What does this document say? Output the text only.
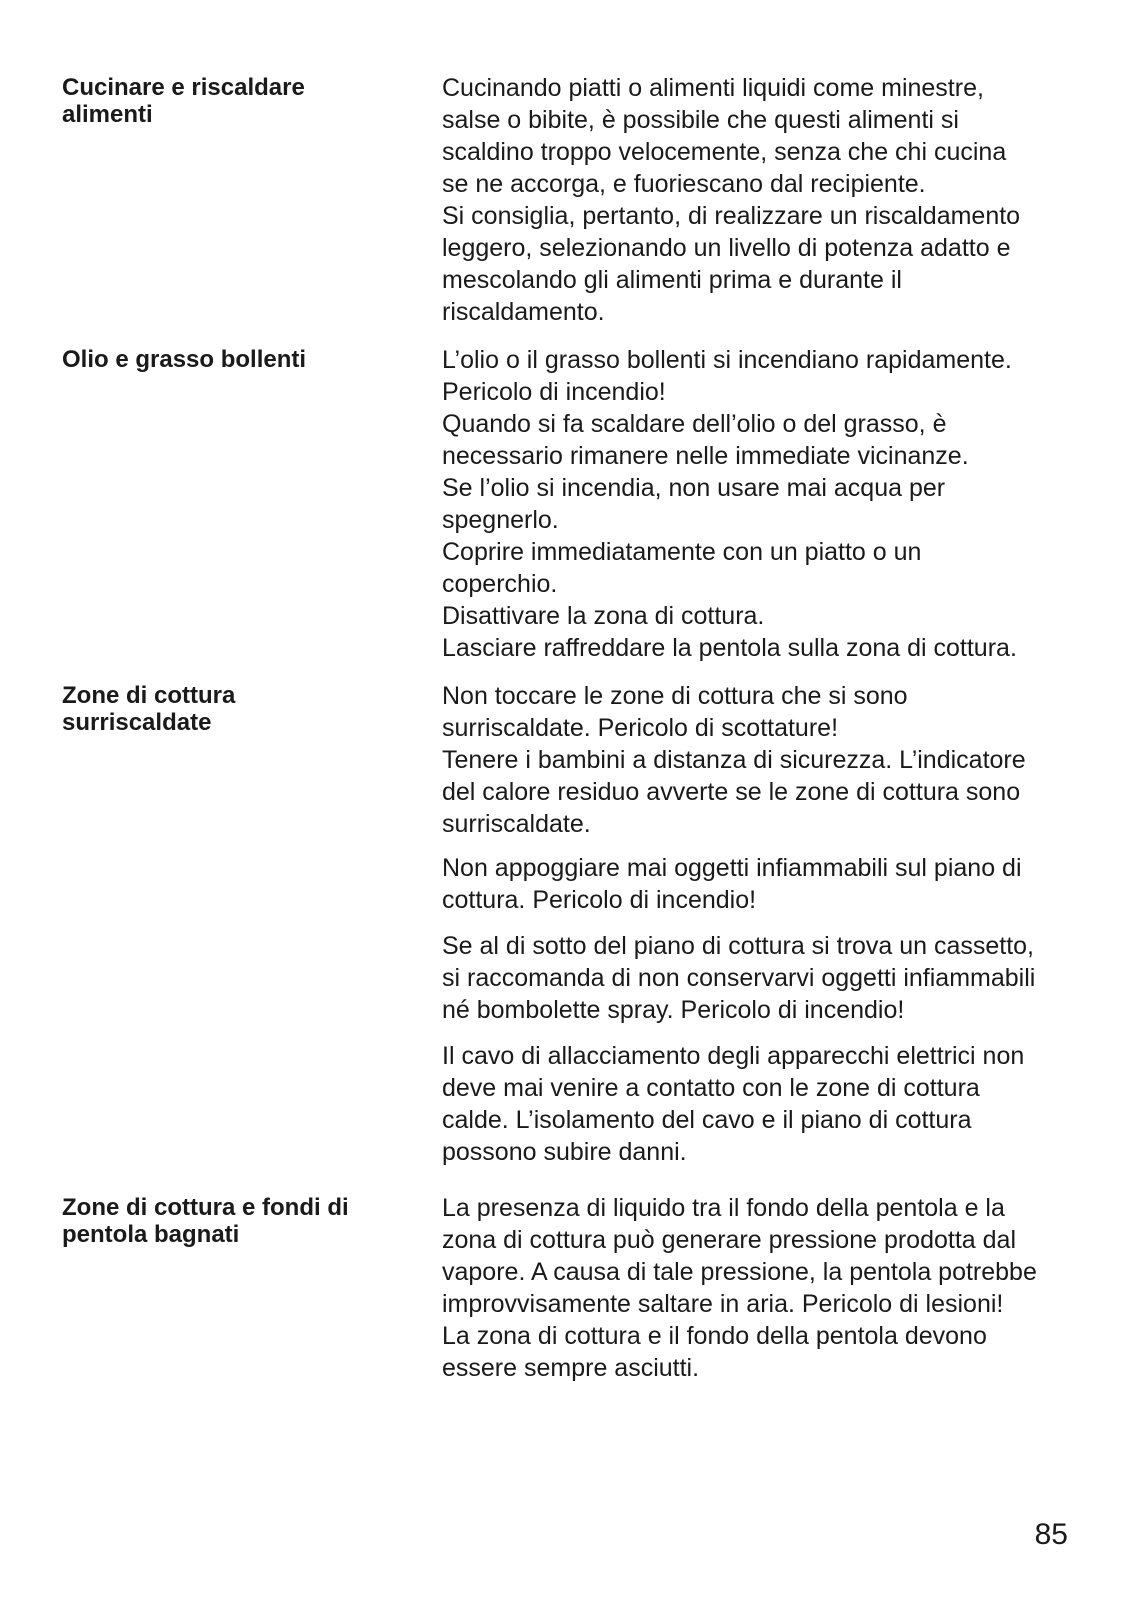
Cucinare e riscaldare
alimenti

Cucinando piatti o alimenti liquidi come minestre,
salse o bibite, è possibile che questi alimenti si
scaldino troppo velocemente, senza che chi cucina
se ne accorga, e fuoriescano dal recipiente.
Si consiglia, pertanto, di realizzare un riscaldamento
leggero, selezionando un livello di potenza adatto e
mescolando gli alimenti prima e durante il
riscaldamento.

Olio e grasso bollenti	L’olio o il grasso bollenti si incendiano rapidamente.
Pericolo di incendio!
Quando si fa scaldare dell’olio o del grasso, è
necessario rimanere nelle immediate vicinanze.
Se l’olio si incendia, non usare mai acqua per
spegnerlo.
Coprire immediatamente con un piatto o un
coperchio.
Disattivare la zona di cottura.
Lasciare raffreddare la pentola sulla zona di cottura.

Zone di cottura
surriscaldate

Non toccare le zone di cottura che si sono
surriscaldate. Pericolo di scottature!
Tenere i bambini a distanza di sicurezza. L’indicatore
del calore residuo avverte se le zone di cottura sono
surriscaldate.

Non appoggiare mai oggetti infiammabili sul piano di
cottura. Pericolo di incendio!

Se al di sotto del piano di cottura si trova un cassetto,
si raccomanda di non conservarvi oggetti infiammabili
né bombolette spray. Pericolo di incendio!

Il cavo di allacciamento degli apparecchi elettrici non
deve mai venire a contatto con le zone di cottura
calde. L’isolamento del cavo e il piano di cottura
possono subire danni.

Zone di cottura e fondi di
pentola bagnati

La presenza di liquido tra il fondo della pentola e la
zona di cottura può generare pressione prodotta dal
vapore. A causa di tale pressione, la pentola potrebbe
improvvisamente saltare in aria. Pericolo di lesioni!
La zona di cottura e il fondo della pentola devono
essere sempre asciutti.

85
